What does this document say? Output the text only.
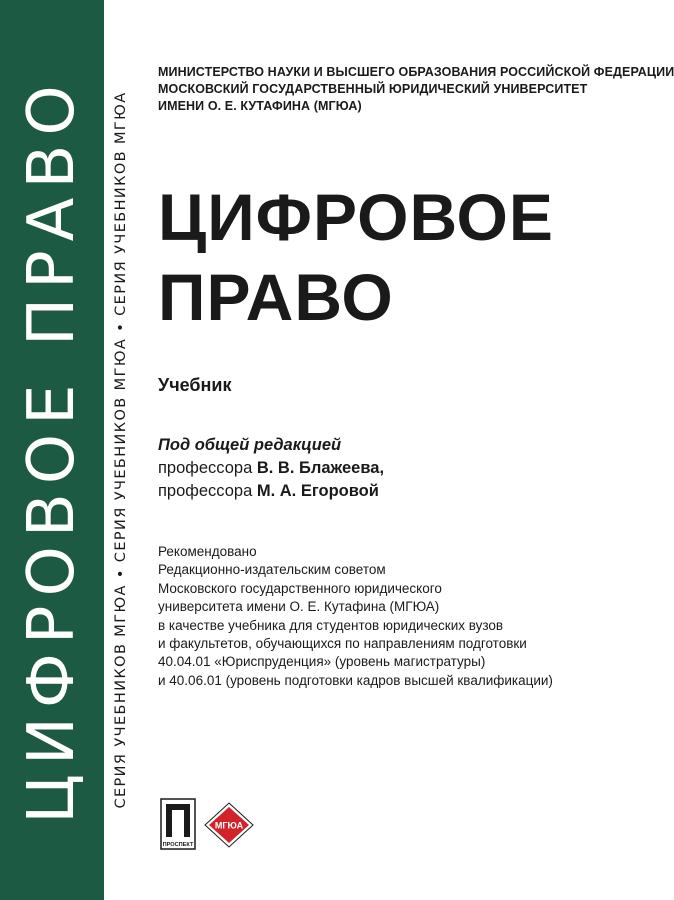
ЦИФРОВОЕ ПРАВО СЕРИЯ УЧЕБНИКОВ МГЮА • СЕРИЯ УЧЕБНИКОВ МГЮА • СЕРИЯ УЧЕБНИКОВ МГЮА
МИНИСТЕРСТВО НАУКИ И ВЫСШЕГО ОБРАЗОВАНИЯ РОССИЙСКОЙ ФЕДЕРАЦИИ
МОСКОВСКИЙ ГОСУДАРСТВЕННЫЙ ЮРИДИЧЕСКИЙ УНИВЕРСИТЕТ
ИМЕНИ О. Е. КУТАФИНА (МГЮА)
ЦИФРОВОЕ
ПРАВО
Учебник
Под общей редакцией
профессора В. В. Блажеева,
профессора М. А. Егоровой
Рекомендовано
Редакционно-издательским советом
Московского государственного юридического
университета имени О. Е. Кутафина (МГЮА)
в качестве учебника для студентов юридических вузов
и факультетов, обучающихся по направлениям подготовки
40.04.01 «Юриспруденция» (уровень магистратуры)
и 40.06.01 (уровень подготовки кадров высшей квалификации)
ПРОСПЕКТ
МГЮА
